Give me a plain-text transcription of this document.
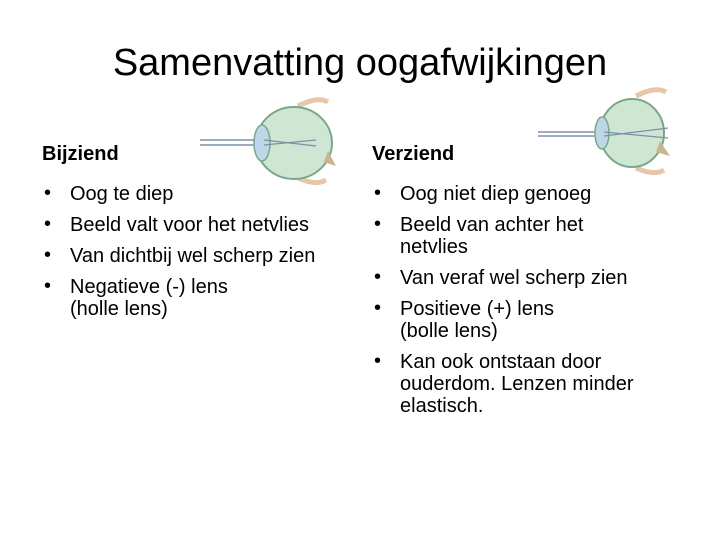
Samenvatting oogafwijkingen
Bijziend
• Oog te diep
• Beeld valt voor het netvlies
• Van dichtbij wel scherp zien
• Negatieve (-) lens (holle lens)
Verziend
• Oog niet diep genoeg
• Beeld van achter het netvlies
• Van veraf wel scherp zien
• Positieve (+) lens (bolle lens)
• Kan ook ontstaan door ouderdom. Lenzen minder elastisch.
